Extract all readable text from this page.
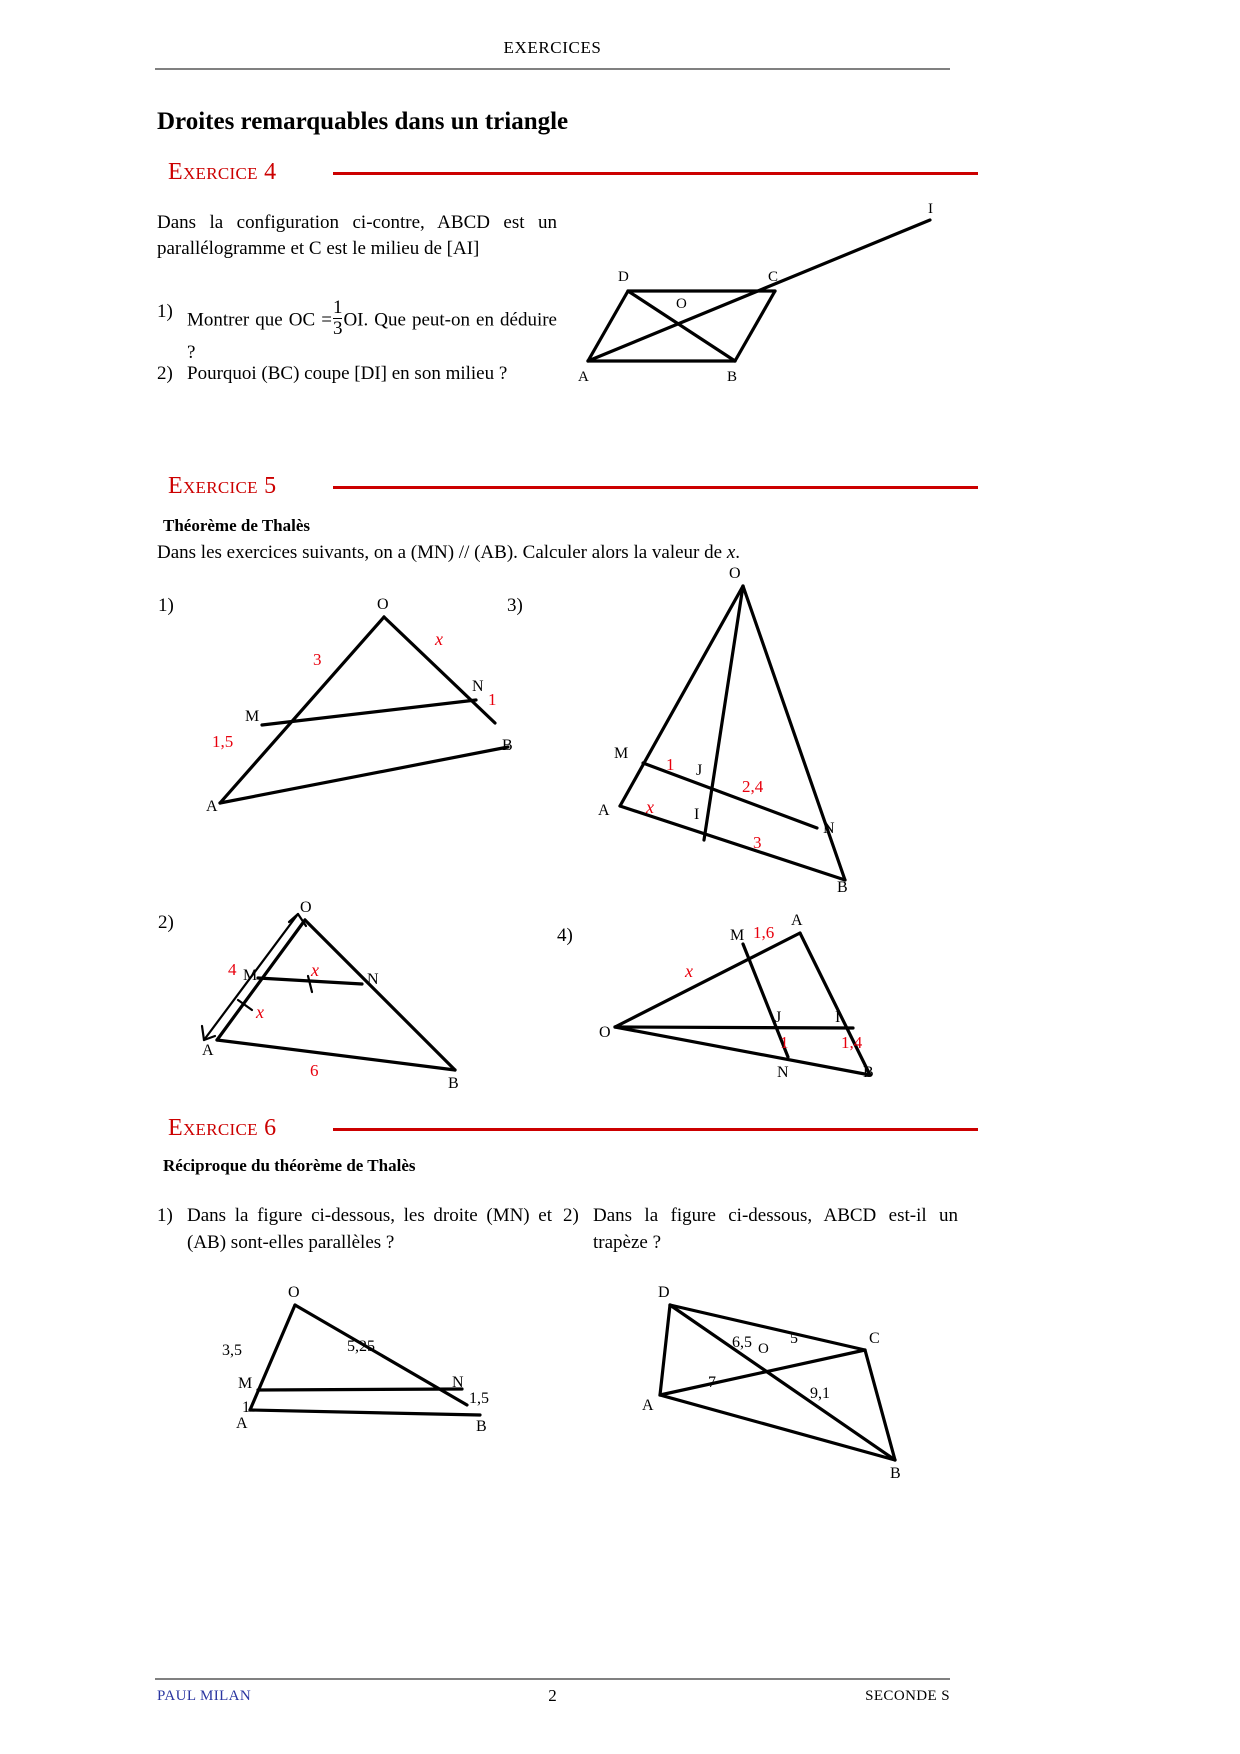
EXERCICES
Droites remarquables dans un triangle
Exercice 4
Dans la configuration ci-contre, ABCD est un parallélogramme et C est le milieu de [AI]
1) Montrer que OC = $\frac{1}{3}$ OI. Que peut-on en déduire ?
2) Pourquoi (BC) coupe [DI] en son milieu ?
D	C
I
O
A	B
Exercice 5
Théorème de Thalès
Dans les exercices suivants, on a (MN) // (AB). Calculer alors la valeur de x.
1)	O
N
M
B
A
3
x
1
1,5
3)
O
M
J
A	I
N
B
1
2,4
x
3
2)
O
M	N
A
B
4	x
x
6
4)
O
A
M
J	I
N	B
1,6
x
1	1,4
Exercice 6
Réciproque du théorème de Thalès
1) Dans la figure ci-dessous, les droite (MN) et (AB) sont-elles parallèles ?
2) Dans la figure ci-dessous, ABCD est-il un trapèze ?
O
M	N
A	B
3,5	5,25
1
1,5
D
C
O
A
B
6,5 5
7
9,1
PAUL MILAN	2	SECONDE S
